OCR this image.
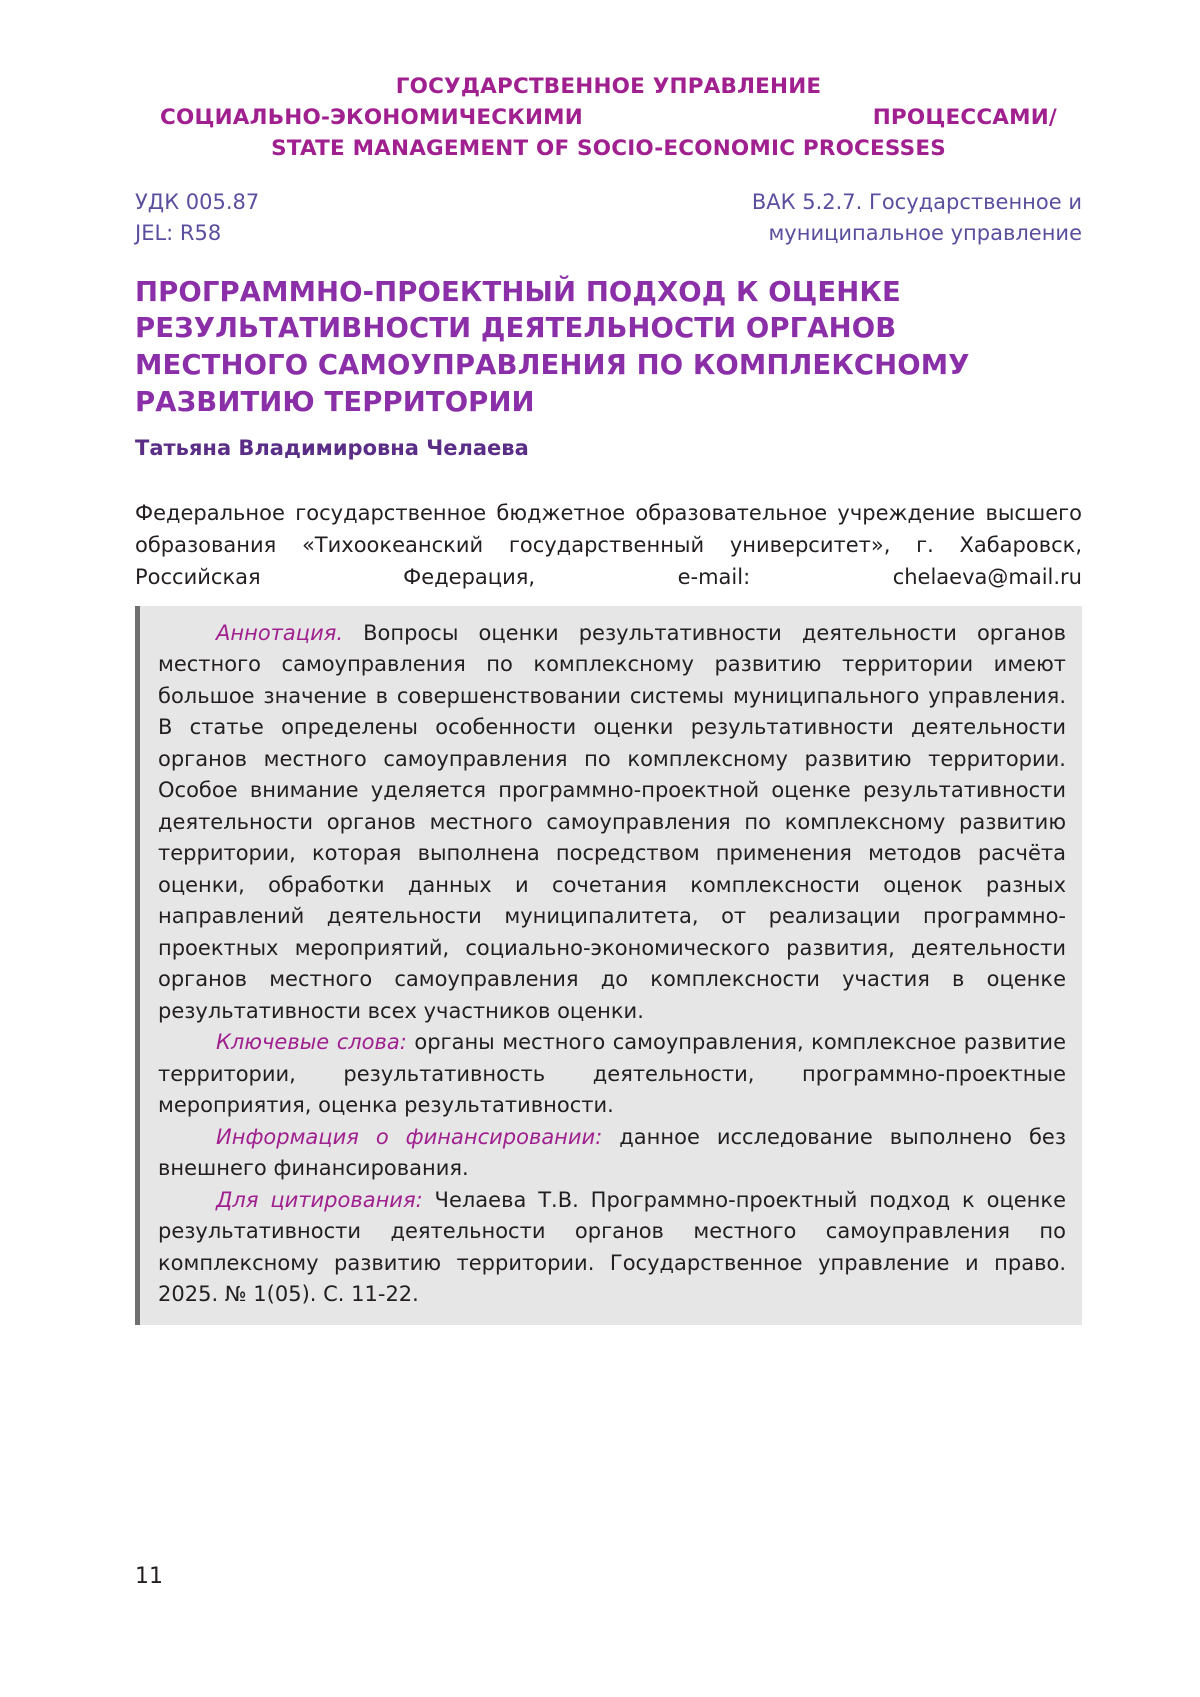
ГОСУДАРСТВЕННОЕ УПРАВЛЕНИЕ
СОЦИАЛЬНО-ЭКОНОМИЧЕСКИМИ ПРОЦЕССАМИ/
STATE MANAGEMENT OF SOCIO-ECONOMIC PROCESSES
УДК 005.87
JEL: R58
ВАК 5.2.7. Государственное и
муниципальное управление
ПРОГРАММНО-ПРОЕКТНЫЙ ПОДХОД К ОЦЕНКЕ РЕЗУЛЬТАТИВНОСТИ ДЕЯТЕЛЬНОСТИ ОРГАНОВ МЕСТНОГО САМОУПРАВЛЕНИЯ ПО КОМПЛЕКСНОМУ РАЗВИТИЮ ТЕРРИТОРИИ
Татьяна Владимировна Челаева
Федеральное государственное бюджетное образовательное учреждение высшего образования «Тихоокеанский государственный университет», г. Хабаровск, Российская Федерация, e-mail: chelaeva@mail.ru

Аннотация. Вопросы оценки результативности деятельности органов местного самоуправления по комплексному развитию территории имеют большое значение в совершенствовании системы муниципального управления. В статье определены особенности оценки результативности деятельности органов местного самоуправления по комплексному развитию территории. Особое внимание уделяется программно-проектной оценке результативности деятельности органов местного самоуправления по комплексному развитию территории, которая выполнена посредством применения методов расчёта оценки, обработки данных и сочетания комплексности оценок разных направлений деятельности муниципалитета, от реализации программно-проектных мероприятий, социально-экономического развития, деятельности органов местного самоуправления до комплексности участия в оценке результативности всех участников оценки.

Ключевые слова: органы местного самоуправления, комплексное развитие территории, результативность деятельности, программно-проектные мероприятия, оценка результативности.

Информация о финансировании: данное исследование выполнено без внешнего финансирования.

Для цитирования: Челаева Т.В. Программно-проектный подход к оценке результативности деятельности органов местного самоуправления по комплексному развитию территории. Государственное управление и право. 2025. № 1(05). С. 11-22.

11
